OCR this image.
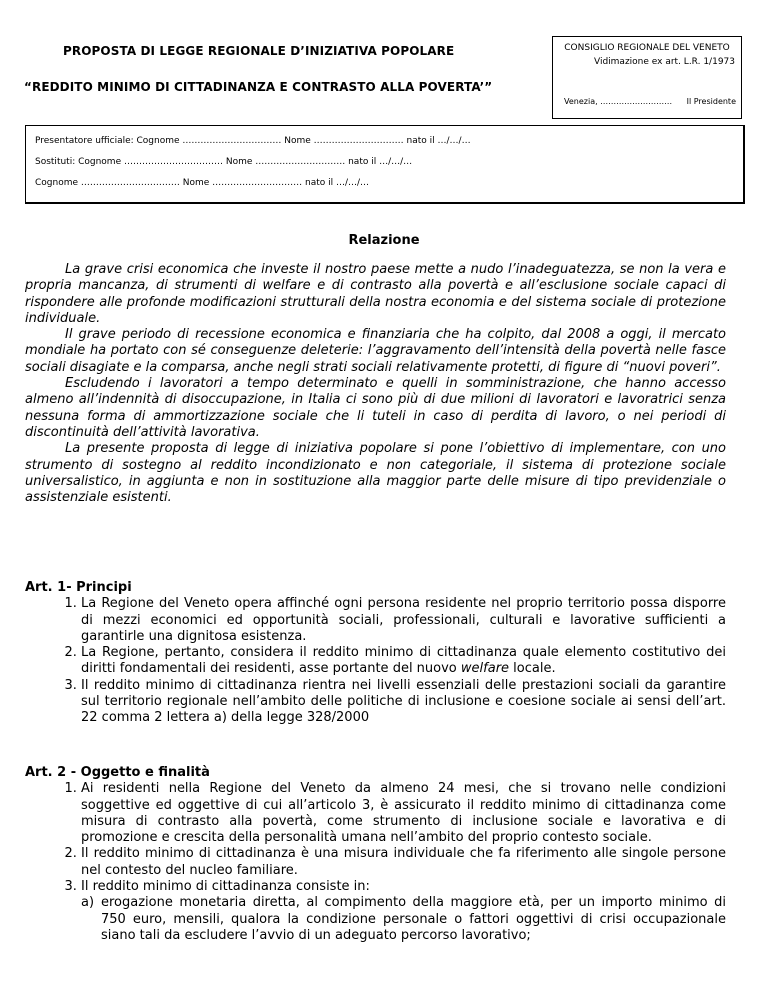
PROPOSTA DI LEGGE REGIONALE D’INIZIATIVA POPOLARE
“REDDITO MINIMO DI CITTADINANZA E CONTRASTO ALLA POVERTA’”
CONSIGLIO REGIONALE DEL VENETO
Vidimazione ex art. L.R. 1/1973
Venezia, ……………………… Il Presidente
Presentatore ufficiale: Cognome …………………………… Nome ………………………… nato il …/…/…
Sostituti: Cognome …………………………… Nome ………………………… nato il …/…/…
Cognome …………………………… Nome ………………………… nato il …/…/…
Relazione

La grave crisi economica che investe il nostro paese mette a nudo l’inadeguatezza, se non la vera e propria mancanza, di strumenti di welfare e di contrasto alla povertà e all’esclusione sociale capaci di rispondere alle profonde modificazioni strutturali della nostra economia e del sistema sociale di protezione individuale.

Il grave periodo di recessione economica e finanziaria che ha colpito, dal 2008 a oggi, il mercato mondiale ha portato con sé conseguenze deleterie: l’aggravamento dell’intensità della povertà nelle fasce sociali disagiate e la comparsa, anche negli strati sociali relativamente protetti, di figure di “nuovi poveri”.

Escludendo i lavoratori a tempo determinato e quelli in somministrazione, che hanno accesso almeno all’indennità di disoccupazione, in Italia ci sono più di due milioni di lavoratori e lavoratrici senza nessuna forma di ammortizzazione sociale che li tuteli in caso di perdita di lavoro, o nei periodi di discontinuità dell’attività lavorativa.

La presente proposta di legge di iniziativa popolare si pone l’obiettivo di implementare, con uno strumento di sostegno al reddito incondizionato e non categoriale, il sistema di protezione sociale universalistico, in aggiunta e non in sostituzione alla maggior parte delle misure di tipo previdenziale o assistenziale esistenti.

Art. 1- Principi

1. La Regione del Veneto opera affinché ogni persona residente nel proprio territorio possa disporre di mezzi economici ed opportunità sociali, professionali, culturali e lavorative sufficienti a garantirle una dignitosa esistenza.
2. La Regione, pertanto, considera il reddito minimo di cittadinanza quale elemento costitutivo dei diritti fondamentali dei residenti, asse portante del nuovo welfare locale.
3. Il reddito minimo di cittadinanza rientra nei livelli essenziali delle prestazioni sociali da garantire sul territorio regionale nell’ambito delle politiche di inclusione e coesione sociale ai sensi dell’art. 22 comma 2 lettera a) della legge 328/2000

Art. 2 - Oggetto e finalità

1. Ai residenti nella Regione del Veneto da almeno 24 mesi, che si trovano nelle condizioni soggettive ed oggettive di cui all’articolo 3, è assicurato il reddito minimo di cittadinanza come misura di contrasto alla povertà, come strumento di inclusione sociale e lavorativa e di promozione e crescita della personalità umana nell’ambito del proprio contesto sociale.
2. Il reddito minimo di cittadinanza è una misura individuale che fa riferimento alle singole persone nel contesto del nucleo familiare.
3. Il reddito minimo di cittadinanza consiste in:
a) erogazione monetaria diretta, al compimento della maggiore età, per un importo minimo di 750 euro, mensili, qualora la condizione personale o fattori oggettivi di crisi occupazionale siano tali da escludere l’avvio di un adeguato percorso lavorativo;
